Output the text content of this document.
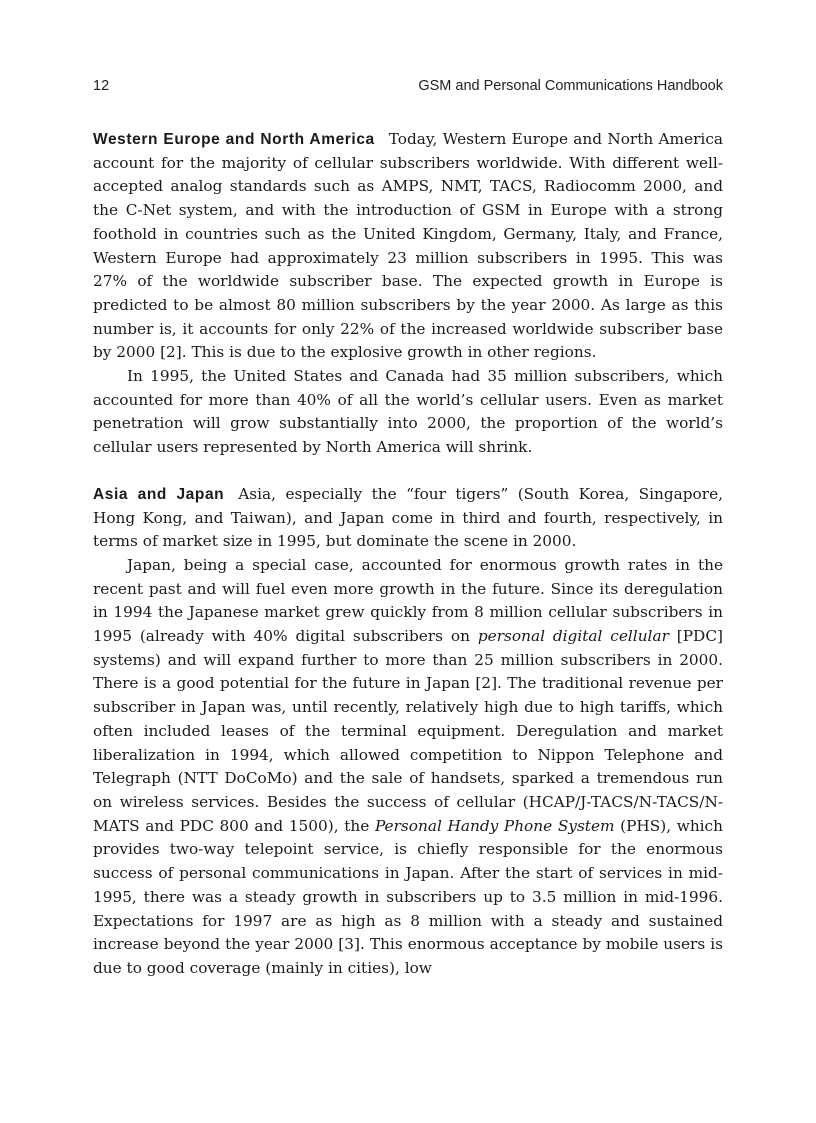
12	GSM and Personal Communications Handbook

Western Europe and North America Today, Western Europe and North America account for the majority of cellular subscribers worldwide. With different well-accepted analog standards such as AMPS, NMT, TACS, Radiocomm 2000, and the C-Net system, and with the introduction of GSM in Europe with a strong foothold in countries such as the United Kingdom, Germany, Italy, and France, Western Europe had approximately 23 million subscribers in 1995. This was 27% of the worldwide subscriber base. The expected growth in Europe is predicted to be almost 80 million subscribers by the year 2000. As large as this number is, it accounts for only 22% of the increased worldwide subscriber base by 2000 [2]. This is due to the explosive growth in other regions.

In 1995, the United States and Canada had 35 million subscribers, which accounted for more than 40% of all the world’s cellular users. Even as market penetration will grow substantially into 2000, the proportion of the world’s cellular users represented by North America will shrink.

Asia and Japan Asia, especially the “four tigers” (South Korea, Singapore, Hong Kong, and Taiwan), and Japan come in third and fourth, respectively, in terms of market size in 1995, but dominate the scene in 2000.

Japan, being a special case, accounted for enormous growth rates in the recent past and will fuel even more growth in the future. Since its deregulation in 1994 the Japanese market grew quickly from 8 million cellular subscribers in 1995 (already with 40% digital subscribers on personal digital cellular [PDC] systems) and will expand further to more than 25 million subscribers in 2000. There is a good potential for the future in Japan [2]. The traditional revenue per subscriber in Japan was, until recently, relatively high due to high tariffs, which often included leases of the terminal equipment. Deregulation and market liberalization in 1994, which allowed competition to Nippon Telephone and Telegraph (NTT DoCoMo) and the sale of handsets, sparked a tremendous run on wireless services. Besides the success of cellular (HCAP/J-TACS/N-TACS/N-MATS and PDC 800 and 1500), the Personal Handy Phone System (PHS), which provides two-way telepoint service, is chiefly responsible for the enormous success of personal communications in Japan. After the start of services in mid-1995, there was a steady growth in subscribers up to 3.5 million in mid-1996. Expectations for 1997 are as high as 8 million with a steady and sustained increase beyond the year 2000 [3]. This enormous acceptance by mobile users is due to good coverage (mainly in cities), low
